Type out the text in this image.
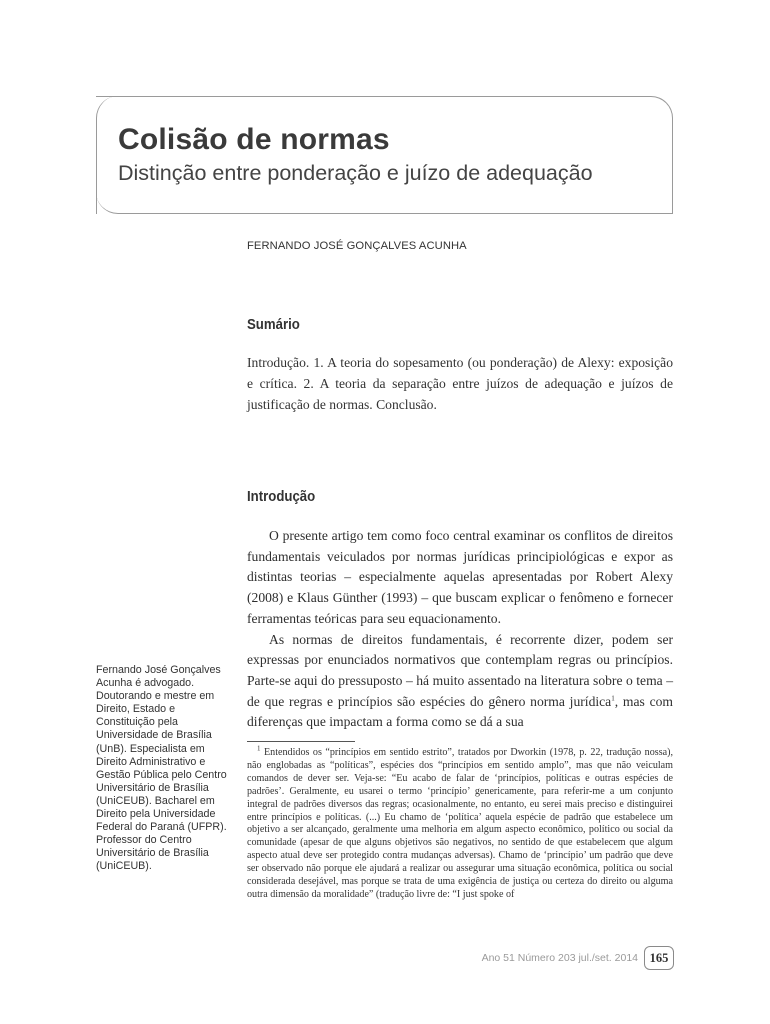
Colisão de normas
Distinção entre ponderação e juízo de adequação
FERNANDO JOSÉ GONÇALVES ACUNHA
Sumário

Introdução. 1. A teoria do sopesamento (ou ponderação) de Alexy: exposição e crítica. 2. A teoria da separação entre juízos de adequação e juízos de justificação de normas. Conclusão.

Introdução

O presente artigo tem como foco central examinar os conflitos de direitos fundamentais veiculados por normas jurídicas principiológicas e expor as distintas teorias – especialmente aquelas apresentadas por Robert Alexy (2008) e Klaus Günther (1993) – que buscam explicar o fenômeno e fornecer ferramentas teóricas para seu equacionamento.

As normas de direitos fundamentais, é recorrente dizer, podem ser expressas por enunciados normativos que contemplam regras ou princípios. Parte-se aqui do pressuposto – há muito assentado na literatura sobre o tema – de que regras e princípios são espécies do gênero norma jurídica$^1$, mas com diferenças que impactam a forma como se dá a sua

Fernando José Gonçalves Acunha é advogado. Doutorando e mestre em Direito, Estado e Constituição pela Universidade de Brasília (UnB). Especialista em Direito Administrativo e Gestão Pública pelo Centro Universitário de Brasília (UniCEUB). Bacharel em Direito pela Universidade Federal do Paraná (UFPR). Professor do Centro Universitário de Brasília (UniCEUB).

$^1$ Entendidos os “princípios em sentido estrito”, tratados por Dworkin (1978, p. 22, tradução nossa), não englobadas as “políticas”, espécies dos “princípios em sentido amplo”, mas que não veiculam comandos de dever ser. Veja-se: “Eu acabo de falar de ‘princípios, políticas e outras espécies de padrões’. Geralmente, eu usarei o termo ‘princípio’ genericamente, para referir-me a um conjunto integral de padrões diversos das regras; ocasionalmente, no entanto, eu serei mais preciso e distinguirei entre princípios e políticas. (...) Eu chamo de ‘política’ aquela espécie de padrão que estabelece um objetivo a ser alcançado, geralmente uma melhoria em algum aspecto econômico, político ou social da comunidade (apesar de que alguns objetivos são negativos, no sentido de que estabelecem que algum aspecto atual deve ser protegido contra mudanças adversas). Chamo de ‘princípio’ um padrão que deve ser observado não porque ele ajudará a realizar ou assegurar uma situação econômica, política ou social considerada desejável, mas porque se trata de uma exigência de justiça ou certeza do direito ou alguma outra dimensão da moralidade” (tradução livre de: “I just spoke of

Ano 51 Número 203 jul./set. 2014 165
